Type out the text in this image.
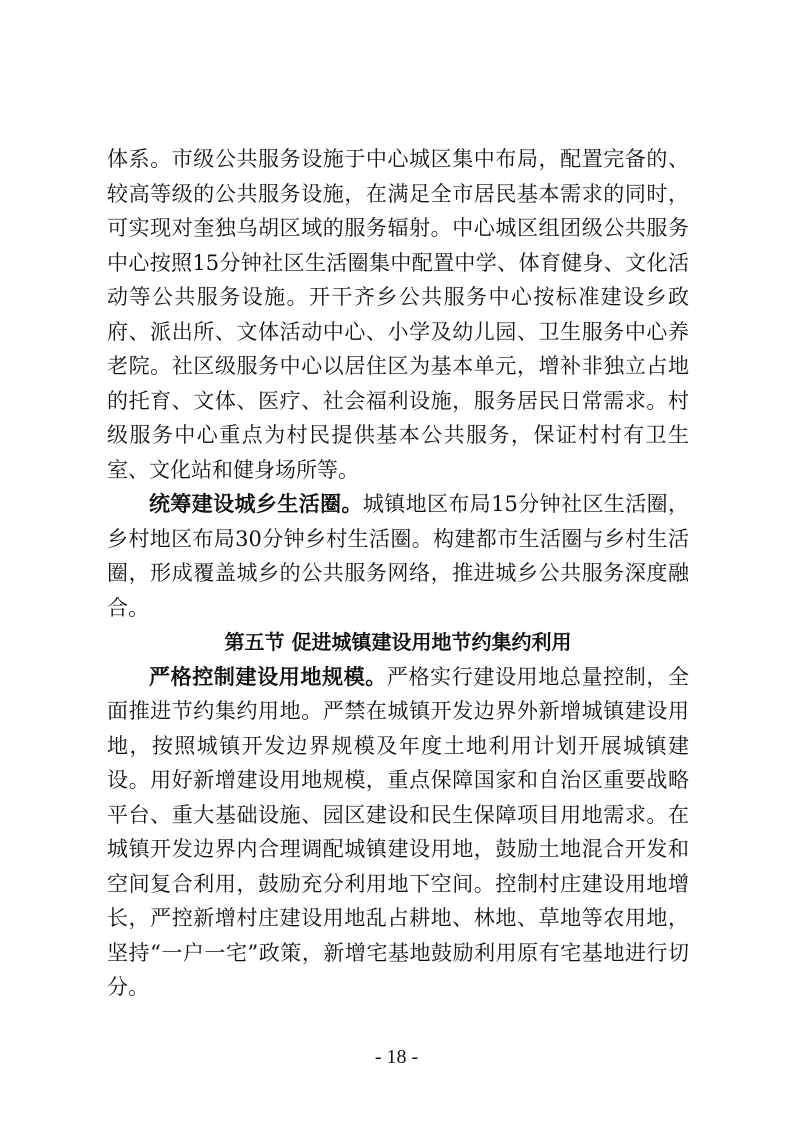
体系。市级公共服务设施于中心城区集中布局，配置完备的、较高等级的公共服务设施，在满足全市居民基本需求的同时，可实现对奎独乌胡区域的服务辐射。中心城区组团级公共服务中心按照15分钟社区生活圈集中配置中学、体育健身、文化活动等公共服务设施。开干齐乡公共服务中心按标准建设乡政府、派出所、文体活动中心、小学及幼儿园、卫生服务中心养老院。社区级服务中心以居住区为基本单元，增补非独立占地的托育、文体、医疗、社会福利设施，服务居民日常需求。村级服务中心重点为村民提供基本公共服务，保证村村有卫生室、文化站和健身场所等。

统筹建设城乡生活圈。城镇地区布局15分钟社区生活圈，乡村地区布局30分钟乡村生活圈。构建都市生活圈与乡村生活圈，形成覆盖城乡的公共服务网络，推进城乡公共服务深度融合。

第五节 促进城镇建设用地节约集约利用

严格控制建设用地规模。严格实行建设用地总量控制，全面推进节约集约用地。严禁在城镇开发边界外新增城镇建设用地，按照城镇开发边界规模及年度土地利用计划开展城镇建设。用好新增建设用地规模，重点保障国家和自治区重要战略平台、重大基础设施、园区建设和民生保障项目用地需求。在城镇开发边界内合理调配城镇建设用地，鼓励土地混合开发和空间复合利用，鼓励充分利用地下空间。控制村庄建设用地增长，严控新增村庄建设用地乱占耕地、林地、草地等农用地，坚持“一户一宅”政策，新增宅基地鼓励利用原有宅基地进行切分。

- 18 -
